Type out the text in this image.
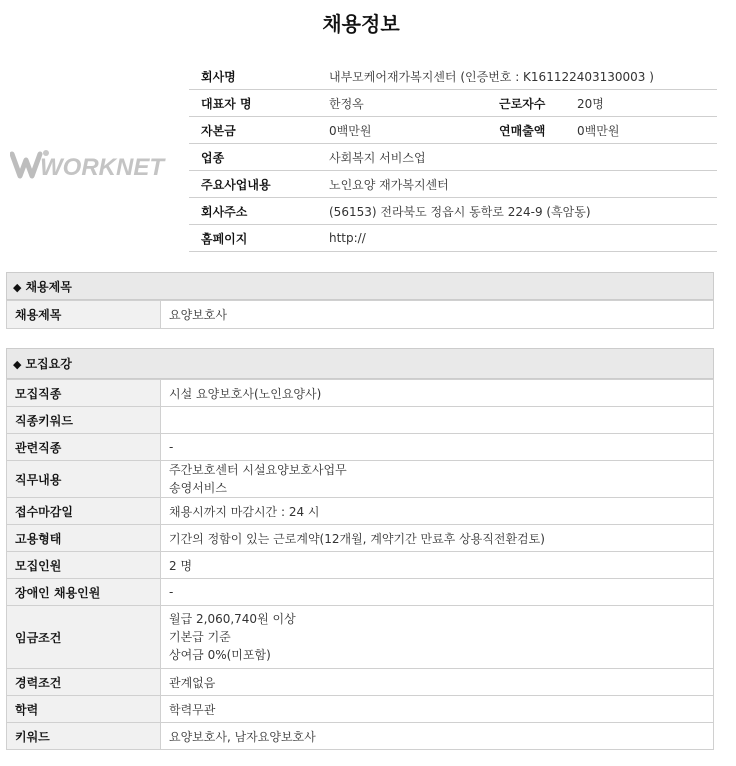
채용정보
WORKNET
회사명	내부모케어재가복지센터 (인증번호 : K161122403130003 )		
대표자 명	한정옥	근로자수	20명
자본금	0백만원	연매출액	0백만원
업종	사회복지 서비스업		
주요사업내용	노인요양 재가복지센터		
회사주소	(56153) 전라북도 정읍시 동학로 224-9 (흑암동)		
홈페이지	http://		
◆ 채용제목
채용제목	요양보호사
◆ 모집요강
모집직종	시설 요양보호사(노인요양사)
직종키워드	
관련직종	-
직무내용	주간보호센터 시설요양보호사업무
송영서비스

접수마감일	채용시까지 마감시간 : 24 시
고용형태	기간의 정함이 있는 근로계약(12개월, 계약기간 만료후 상용직전환검토)
모집인원	2 명
장애인 채용인원	-
임금조건	월급 2,060,740원 이상
기본급 기준
상여금 0%(미포함)

경력조건	관계없음
학력	학력무관
키워드	요양보호사, 남자요양보호사
